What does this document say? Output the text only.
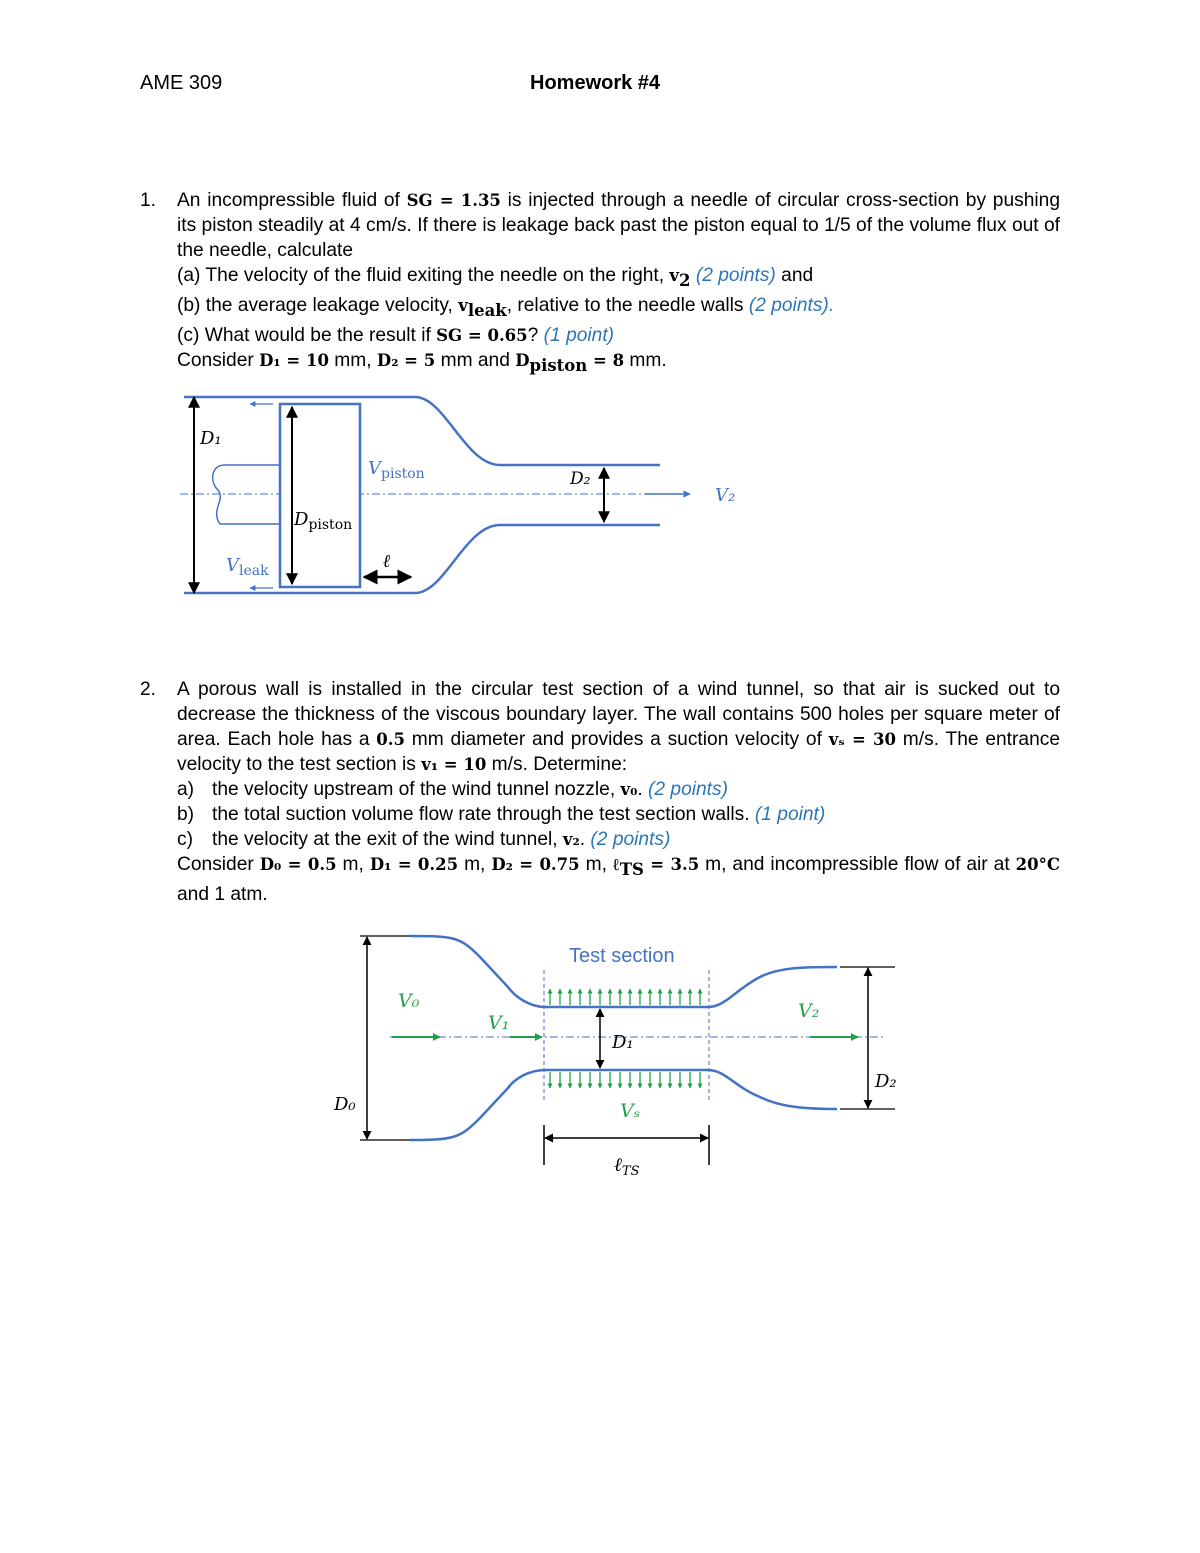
AME 309	Homework #4
1. An incompressible fluid of SG = 1.35 is injected through a needle of circular cross-section by pushing its piston steadily at 4 cm/s. If there is leakage back past the piston equal to 1/5 of the volume flux out of the needle, calculate
(a) The velocity of the fluid exiting the needle on the right, $v_2$ (2 points) and
(b) the average leakage velocity, $v_{leak}$, relative to the needle walls (2 points).
(c) What would be the result if SG = 0.65? (1 point)
Consider D₁ = 10 mm, D₂ = 5 mm and $D_{piston} = 8$ mm.
D₁
$V_{piston}$	D₂
V₂
$D_{piston}$
$V_{leak}$	ℓ
2. A porous wall is installed in the circular test section of a wind tunnel, so that air is sucked out to decrease the thickness of the viscous boundary layer. The wall contains 500 holes per square meter of area. Each hole has a 0.5 mm diameter and provides a suction velocity of vₛ = 30 m/s. The entrance velocity to the test section is v₁ = 10 m/s. Determine:
a) the velocity upstream of the wind tunnel nozzle, v₀. (2 points)
b) the total suction volume flow rate through the test section walls. (1 point)
c) the velocity at the exit of the wind tunnel, v₂. (2 points)
Consider D₀ = 0.5 m, D₁ = 0.25 m, D₂ = 0.75 m, ℓ$_{TS}$ = 3.5 m, and incompressible flow of air at 20°C and 1 atm.
Test section
V₀
V₁
D₁
V₂
D₂
D₀	Vₛ
ℓ$_{TS}$
